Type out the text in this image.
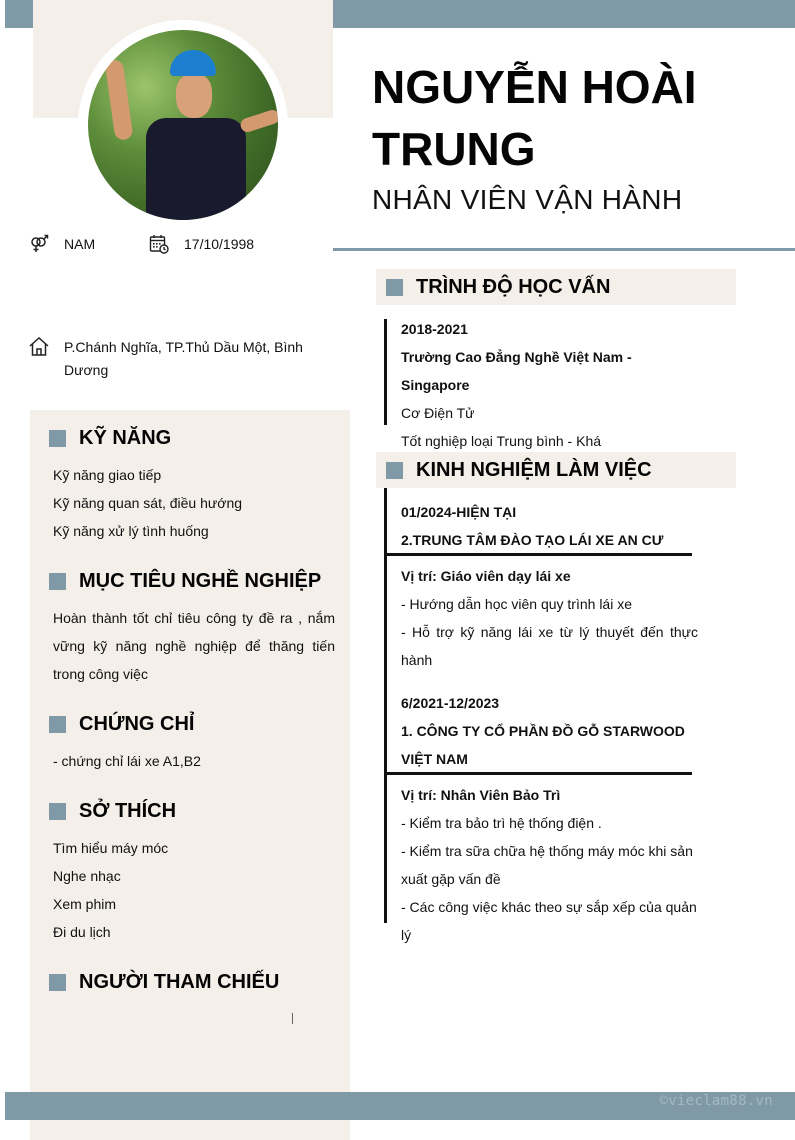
NGUYỄN HOÀI TRUNG
NHÂN VIÊN VẬN HÀNH
NAM	17/10/1998
P.Chánh Nghĩa, TP.Thủ Dầu Một, Bình Dương
KỸ NĂNG
Kỹ năng giao tiếp
Kỹ năng quan sát, điều hướng
Kỹ năng xử lý tình huống
MỤC TIÊU NGHỀ NGHIỆP
Hoàn thành tốt chỉ tiêu công ty đề ra , nắm vững kỹ năng nghề nghiệp để thăng tiến trong công việc
CHỨNG CHỈ
- chứng chỉ lái xe A1,B2
SỞ THÍCH
Tìm hiểu máy móc
Nghe nhạc
Xem phim
Đi du lịch
NGƯỜI THAM CHIẾU
TRÌNH ĐỘ HỌC VẤN
2018-2021
Trường Cao Đẳng Nghề Việt Nam - Singapore
Cơ Điện Tử
Tốt nghiệp loại Trung bình - Khá
KINH NGHIỆM LÀM VIỆC
01/2024-HIỆN TẠI
2.TRUNG TÂM ĐÀO TẠO LÁI XE AN CƯ
Vị trí: Giáo viên dạy lái xe
- Hướng dẫn học viên quy trình lái xe
- Hỗ trợ kỹ năng lái xe từ lý thuyết đến thực hành
6/2021-12/2023
1. CÔNG TY CỔ PHẦN ĐỒ GỖ STARWOOD VIỆT NAM
Vị trí: Nhân Viên Bảo Trì
- Kiểm tra bảo trì hệ thống điện .
- Kiểm tra sữa chữa hệ thống máy móc khi sản xuất gặp vấn đề
- Các công việc khác theo sự sắp xếp của quản lý
©vieclam88.vn
